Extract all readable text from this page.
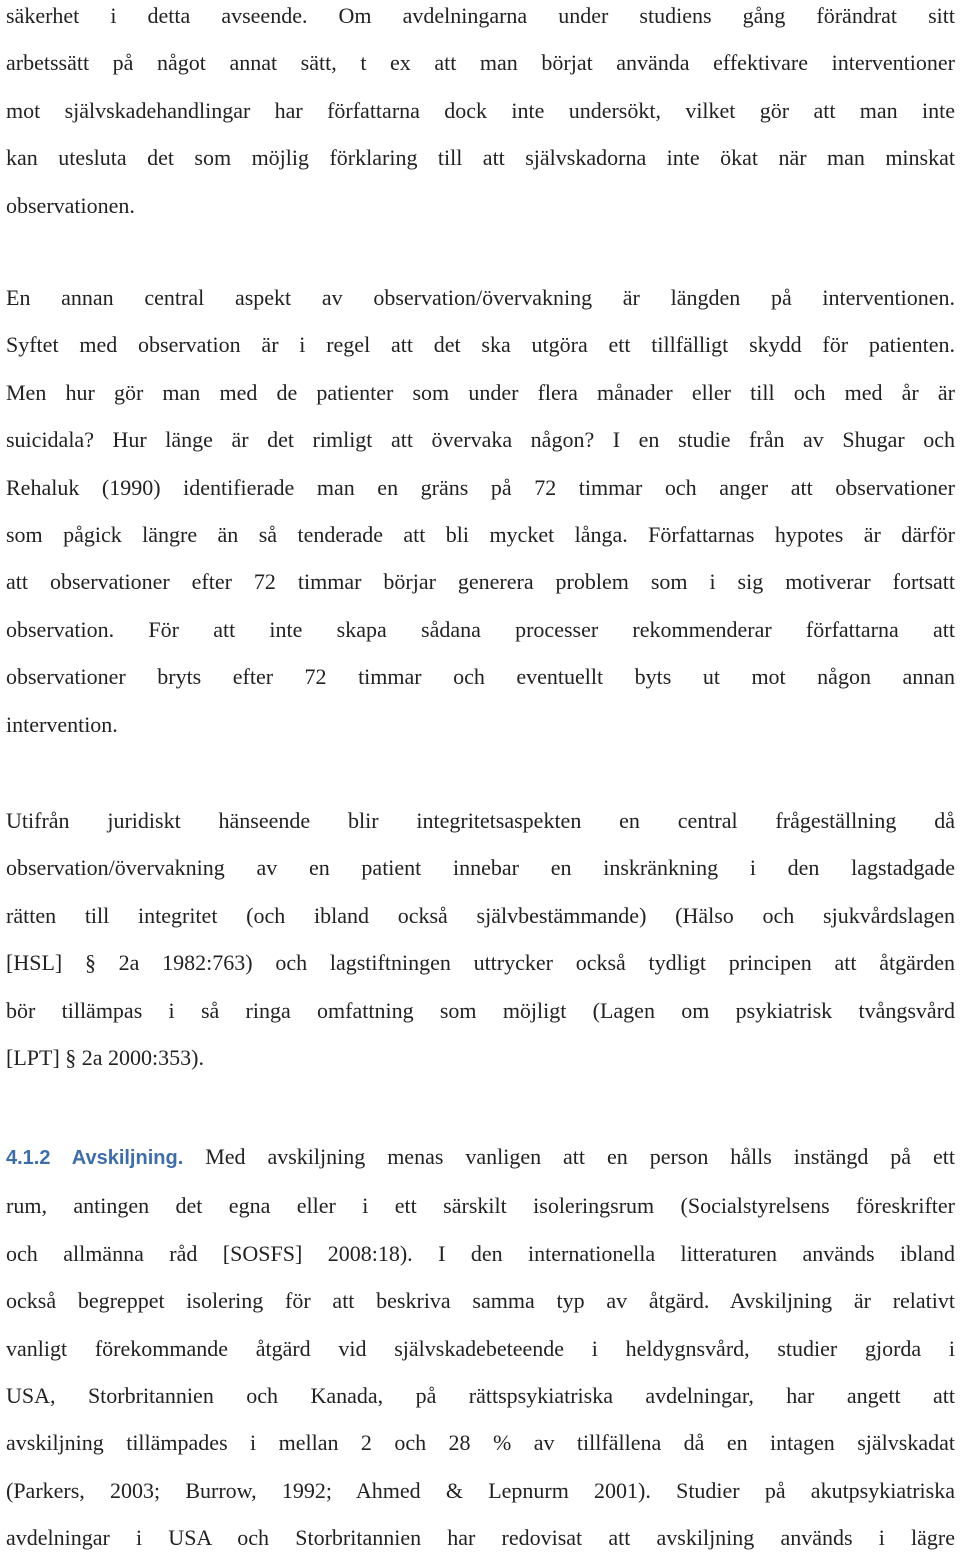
säkerhet i detta avseende. Om avdelningarna under studiens gång förändrat sitt
arbetssätt på något annat sätt, t ex att man börjat använda effektivare interventioner
mot självskadehandlingar har författarna dock inte undersökt, vilket gör att man inte
kan utesluta det som möjlig förklaring till att självskadorna inte ökat när man minskat
observationen.

En annan central aspekt av observation/övervakning är längden på interventionen.
Syftet med observation är i regel att det ska utgöra ett tillfälligt skydd för patienten.
Men hur gör man med de patienter som under flera månader eller till och med år är
suicidala? Hur länge är det rimligt att övervaka någon? I en studie från av Shugar och
Rehaluk (1990) identifierade man en gräns på 72 timmar och anger att observationer
som pågick längre än så tenderade att bli mycket långa. Författarnas hypotes är därför
att observationer efter 72 timmar börjar generera problem som i sig motiverar fortsatt
observation. För att inte skapa sådana processer rekommenderar författarna att
observationer bryts efter 72 timmar och eventuellt byts ut mot någon annan
intervention.

Utifrån juridiskt hänseende blir integritetsaspekten en central frågeställning då
observation/övervakning av en patient innebar en inskränkning i den lagstadgade
rätten till integritet (och ibland också självbestämmande) (Hälso och sjukvårdslagen
[HSL] § 2a 1982:763) och lagstiftningen uttrycker också tydligt principen att åtgärden
bör tillämpas i så ringa omfattning som möjligt (Lagen om psykiatrisk tvångsvård
[LPT] § 2a 2000:353).

4.1.2 Avskiljning. Med avskiljning menas vanligen att en person hålls instängd på ett
rum, antingen det egna eller i ett särskilt isoleringsrum (Socialstyrelsens föreskrifter
och allmänna råd [SOSFS] 2008:18). I den internationella litteraturen används ibland
också begreppet isolering för att beskriva samma typ av åtgärd. Avskiljning är relativt
vanligt förekommande åtgärd vid självskadebeteende i heldygnsvård, studier gjorda i
USA, Storbritannien och Kanada, på rättspsykiatriska avdelningar, har angett att
avskiljning tillämpades i mellan 2 och 28 % av tillfällena då en intagen självskadat
(Parkers, 2003; Burrow, 1992; Ahmed & Lepnurm 2001). Studier på akutpsykiatriska
avdelningar i USA och Storbritannien har redovisat att avskiljning används i lägre
